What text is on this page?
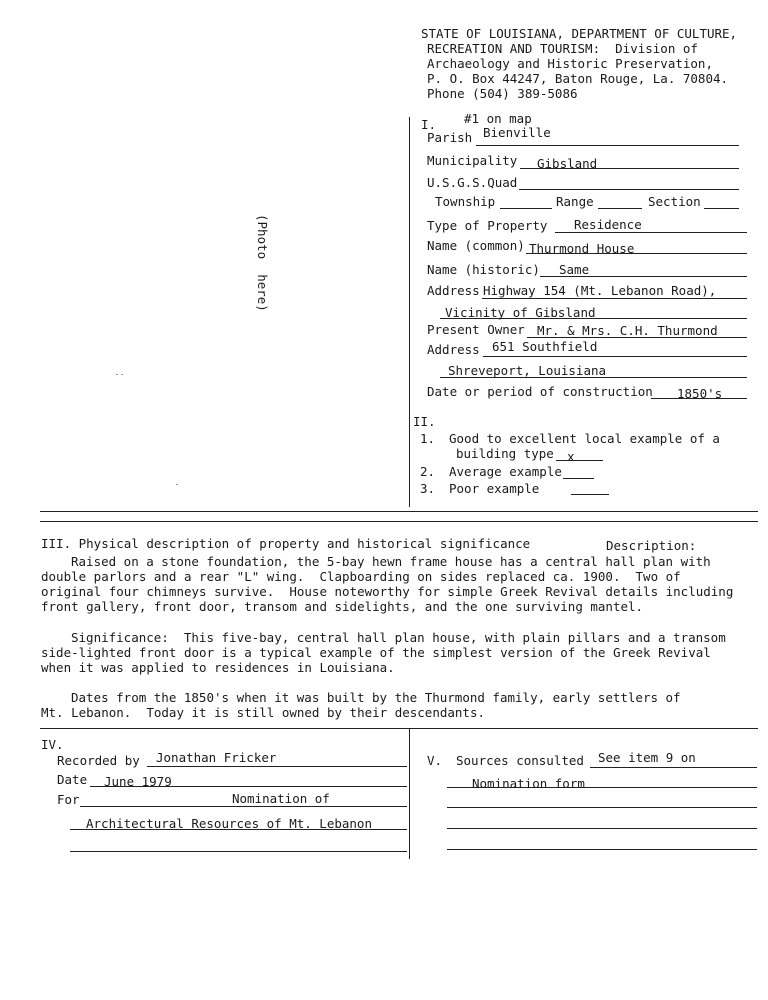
STATE OF LOUISIANA, DEPARTMENT OF CULTURE,
RECREATION AND TOURISM:  Division of
Archaeology and Historic Preservation,
P. O. Box 44247, Baton Rouge, La. 70804.
Phone (504) 389-5086
(Photo  here)
I. #1 on map
Parish Bienville
Municipality Gibsland
U.S.G.S.Quad
Township	Range	Section
Type of Property Residence
Name (common) Thurmond House
Name (historic) Same
Address Highway 154 (Mt. Lebanon Road),
Vicinity of Gibsland
Present Owner Mr. & Mrs. C.H. Thurmond
Address 651 Southfield
Shreveport, Louisiana
Date or period of construction 1850's
II.
1. Good to excellent local example of a
building type x
2. Average example
3. Poor example
III. Physical description of property and historical significance	Description:
Raised on a stone foundation, the 5-bay hewn frame house has a central hall plan with
double parlors and a rear "L" wing.  Clapboarding on sides replaced ca. 1900.  Two of
original four chimneys survive.  House noteworthy for simple Greek Revival details including
front gallery, front door, transom and sidelights, and the one surviving mantel.
Significance:  This five-bay, central hall plan house, with plain pillars and a transom
side-lighted front door is a typical example of the simplest version of the Greek Revival
when it was applied to residences in Louisiana.
Dates from the 1850's when it was built by the Thurmond family, early settlers of
Mt. Lebanon.  Today it is still owned by their descendants.
IV.
Recorded by Jonathan Fricker
Date June 1979
For	Nomination of
Architectural Resources of Mt. Lebanon
V. Sources consulted See item 9 on
Nomination form
